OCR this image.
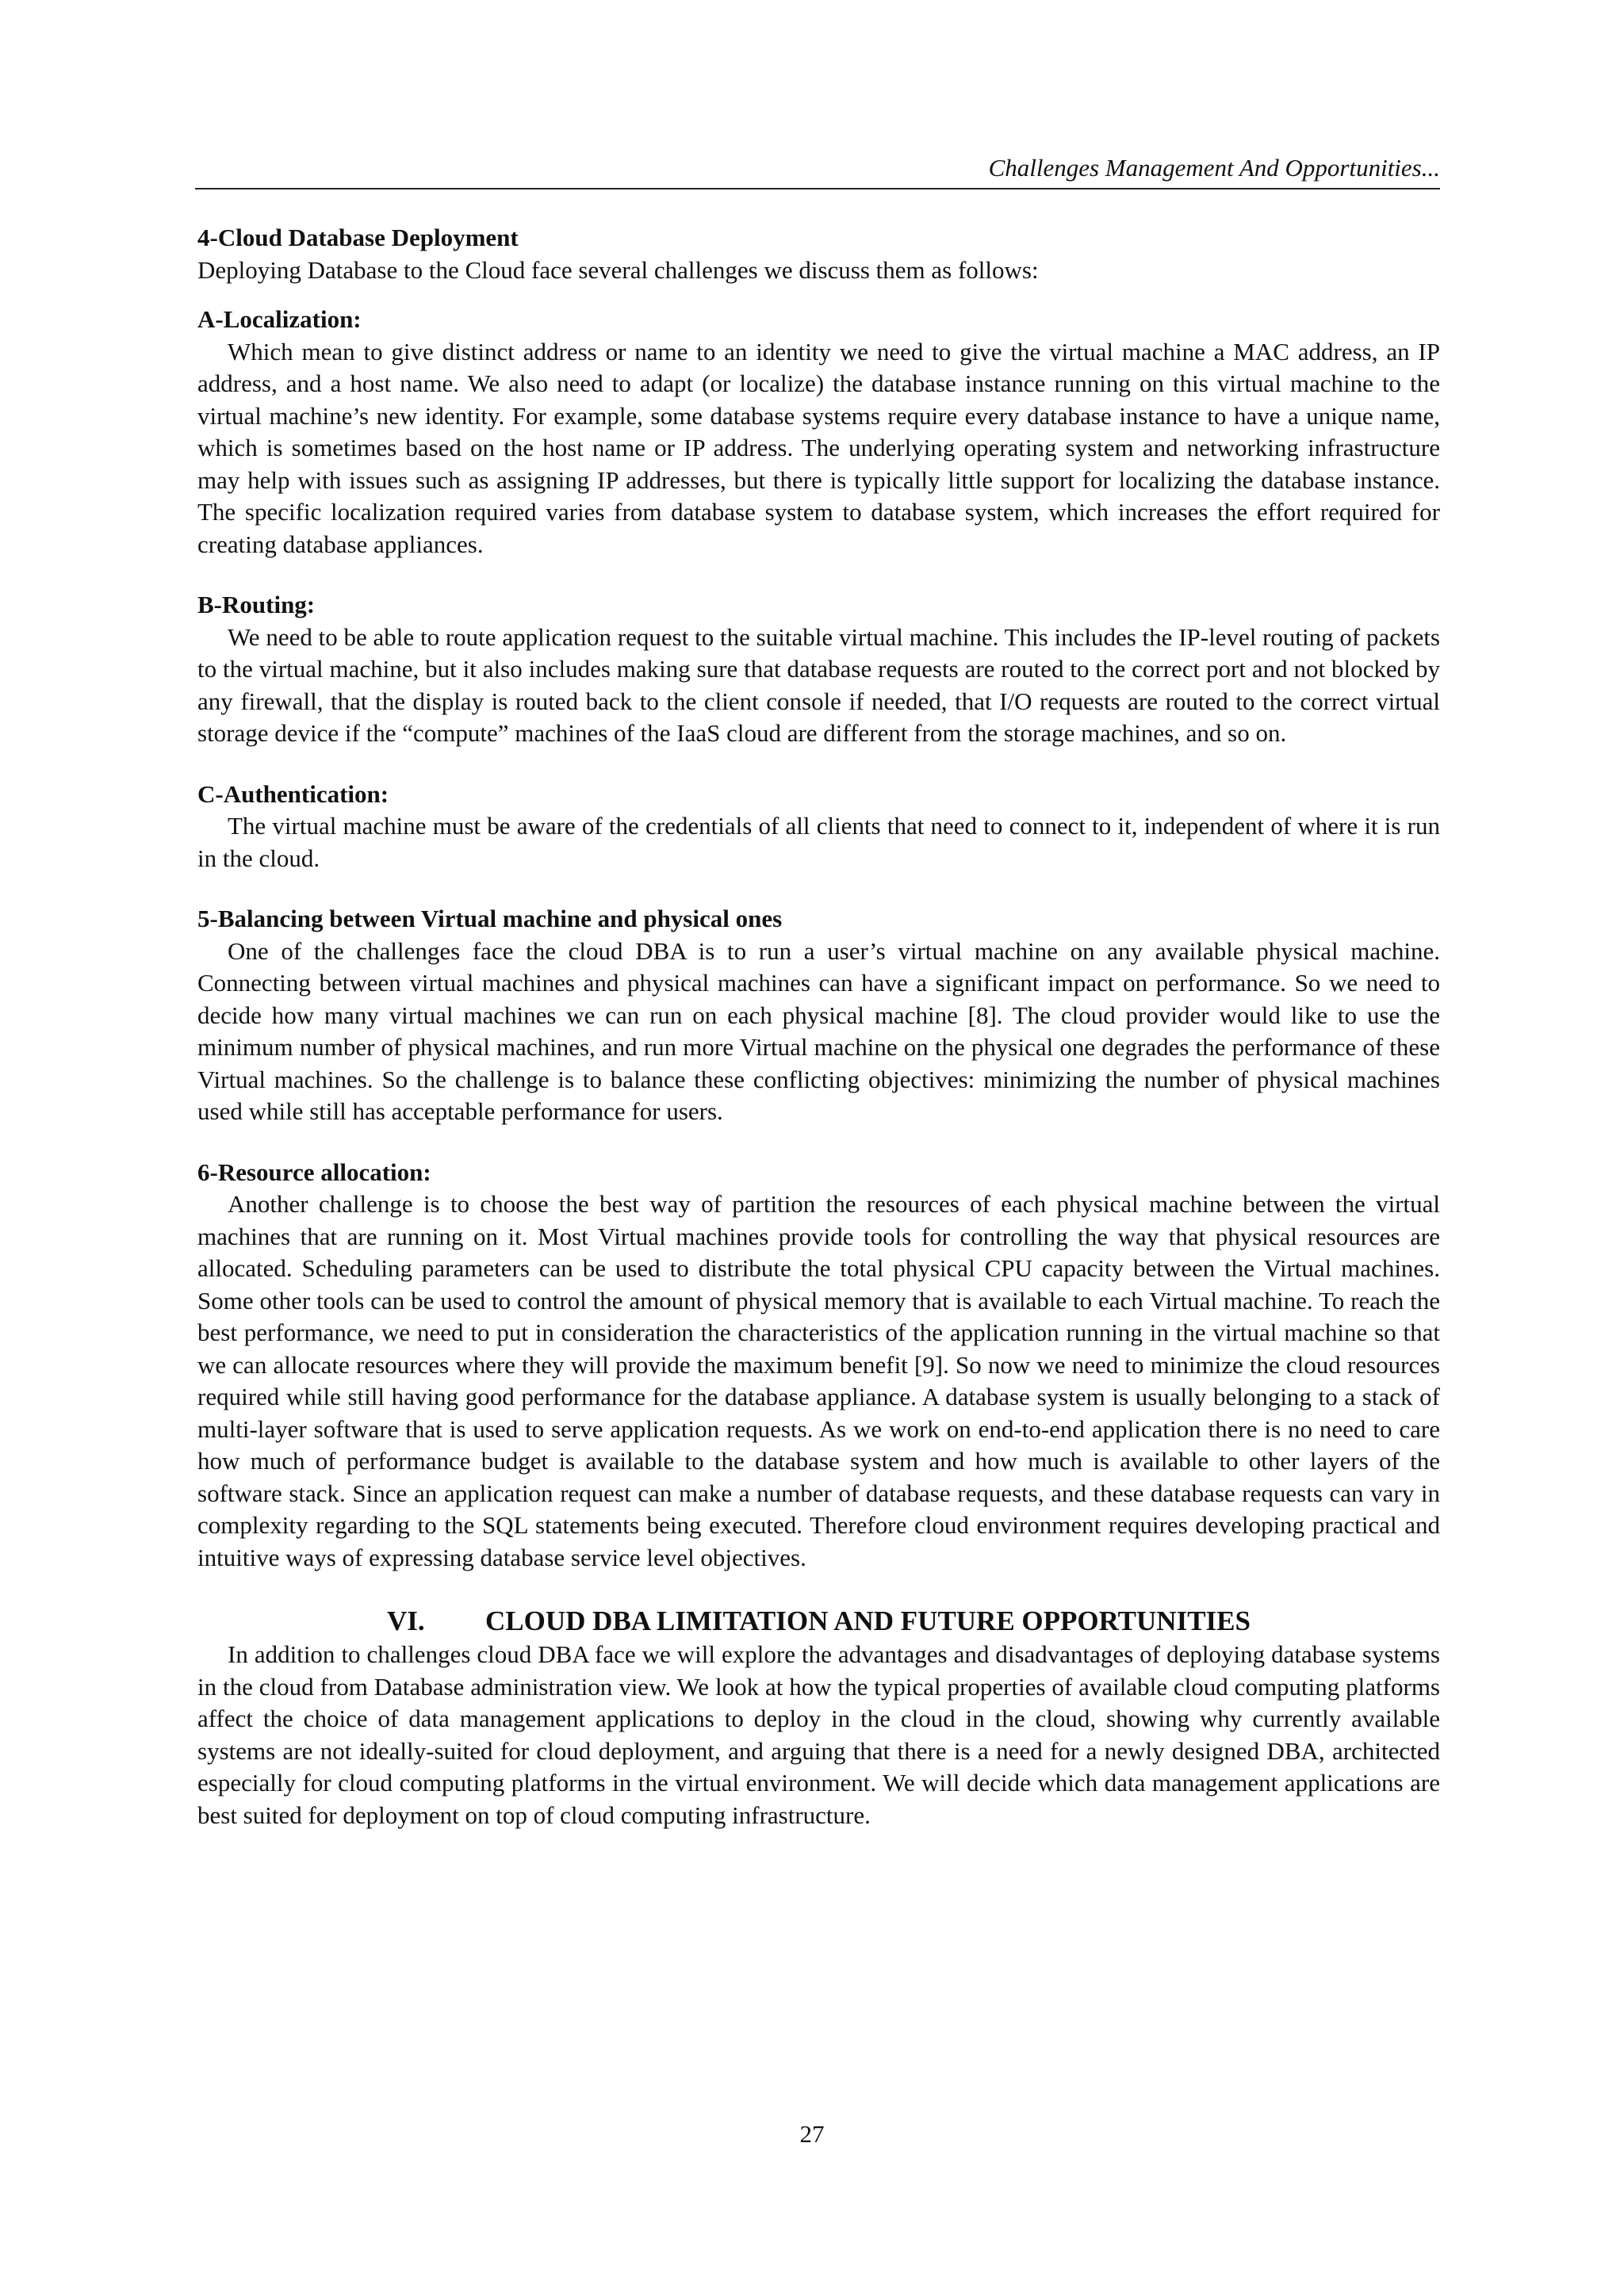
Challenges Management And Opportunities...

4-Cloud Database Deployment

Deploying Database to the Cloud face several challenges we discuss them as follows:

A-Localization:

Which mean to give distinct address or name to an identity we need to give the virtual machine a MAC address, an IP address, and a host name. We also need to adapt (or localize) the database instance running on this virtual machine to the virtual machine’s new identity. For example, some database systems require every database instance to have a unique name, which is sometimes based on the host name or IP address. The underlying operating system and networking infrastructure may help with issues such as assigning IP addresses, but there is typically little support for localizing the database instance. The specific localization required varies from database system to database system, which increases the effort required for creating database appliances.

B-Routing:

We need to be able to route application request to the suitable virtual machine. This includes the IP-level routing of packets to the virtual machine, but it also includes making sure that database requests are routed to the correct port and not blocked by any firewall, that the display is routed back to the client console if needed, that I/O requests are routed to the correct virtual storage device if the “compute” machines of the IaaS cloud are different from the storage machines, and so on.

C-Authentication:

The virtual machine must be aware of the credentials of all clients that need to connect to it, independent of where it is run in the cloud.

5-Balancing between Virtual machine and physical ones

One of the challenges face the cloud DBA is to run a user’s virtual machine on any available physical machine. Connecting between virtual machines and physical machines can have a significant impact on performance. So we need to decide how many virtual machines we can run on each physical machine [8]. The cloud provider would like to use the minimum number of physical machines, and run more Virtual machine on the physical one degrades the performance of these Virtual machines. So the challenge is to balance these conflicting objectives: minimizing the number of physical machines used while still has acceptable performance for users.

6-Resource allocation:

Another challenge is to choose the best way of partition the resources of each physical machine between the virtual machines that are running on it. Most Virtual machines provide tools for controlling the way that physical resources are allocated. Scheduling parameters can be used to distribute the total physical CPU capacity between the Virtual machines. Some other tools can be used to control the amount of physical memory that is available to each Virtual machine. To reach the best performance, we need to put in consideration the characteristics of the application running in the virtual machine so that we can allocate resources where they will provide the maximum benefit [9]. So now we need to minimize the cloud resources required while still having good performance for the database appliance. A database system is usually belonging to a stack of multi-layer software that is used to serve application requests. As we work on end-to-end application there is no need to care how much of performance budget is available to the database system and how much is available to other layers of the software stack. Since an application request can make a number of database requests, and these database requests can vary in complexity regarding to the SQL statements being executed. Therefore cloud environment requires developing practical and intuitive ways of expressing database service level objectives.

VI.	CLOUD DBA LIMITATION AND FUTURE OPPORTUNITIES

In addition to challenges cloud DBA face we will explore the advantages and disadvantages of deploying database systems in the cloud from Database administration view. We look at how the typical properties of available cloud computing platforms affect the choice of data management applications to deploy in the cloud in the cloud, showing why currently available systems are not ideally-suited for cloud deployment, and arguing that there is a need for a newly designed DBA, architected especially for cloud computing platforms in the virtual environment. We will decide which data management applications are best suited for deployment on top of cloud computing infrastructure.

27
